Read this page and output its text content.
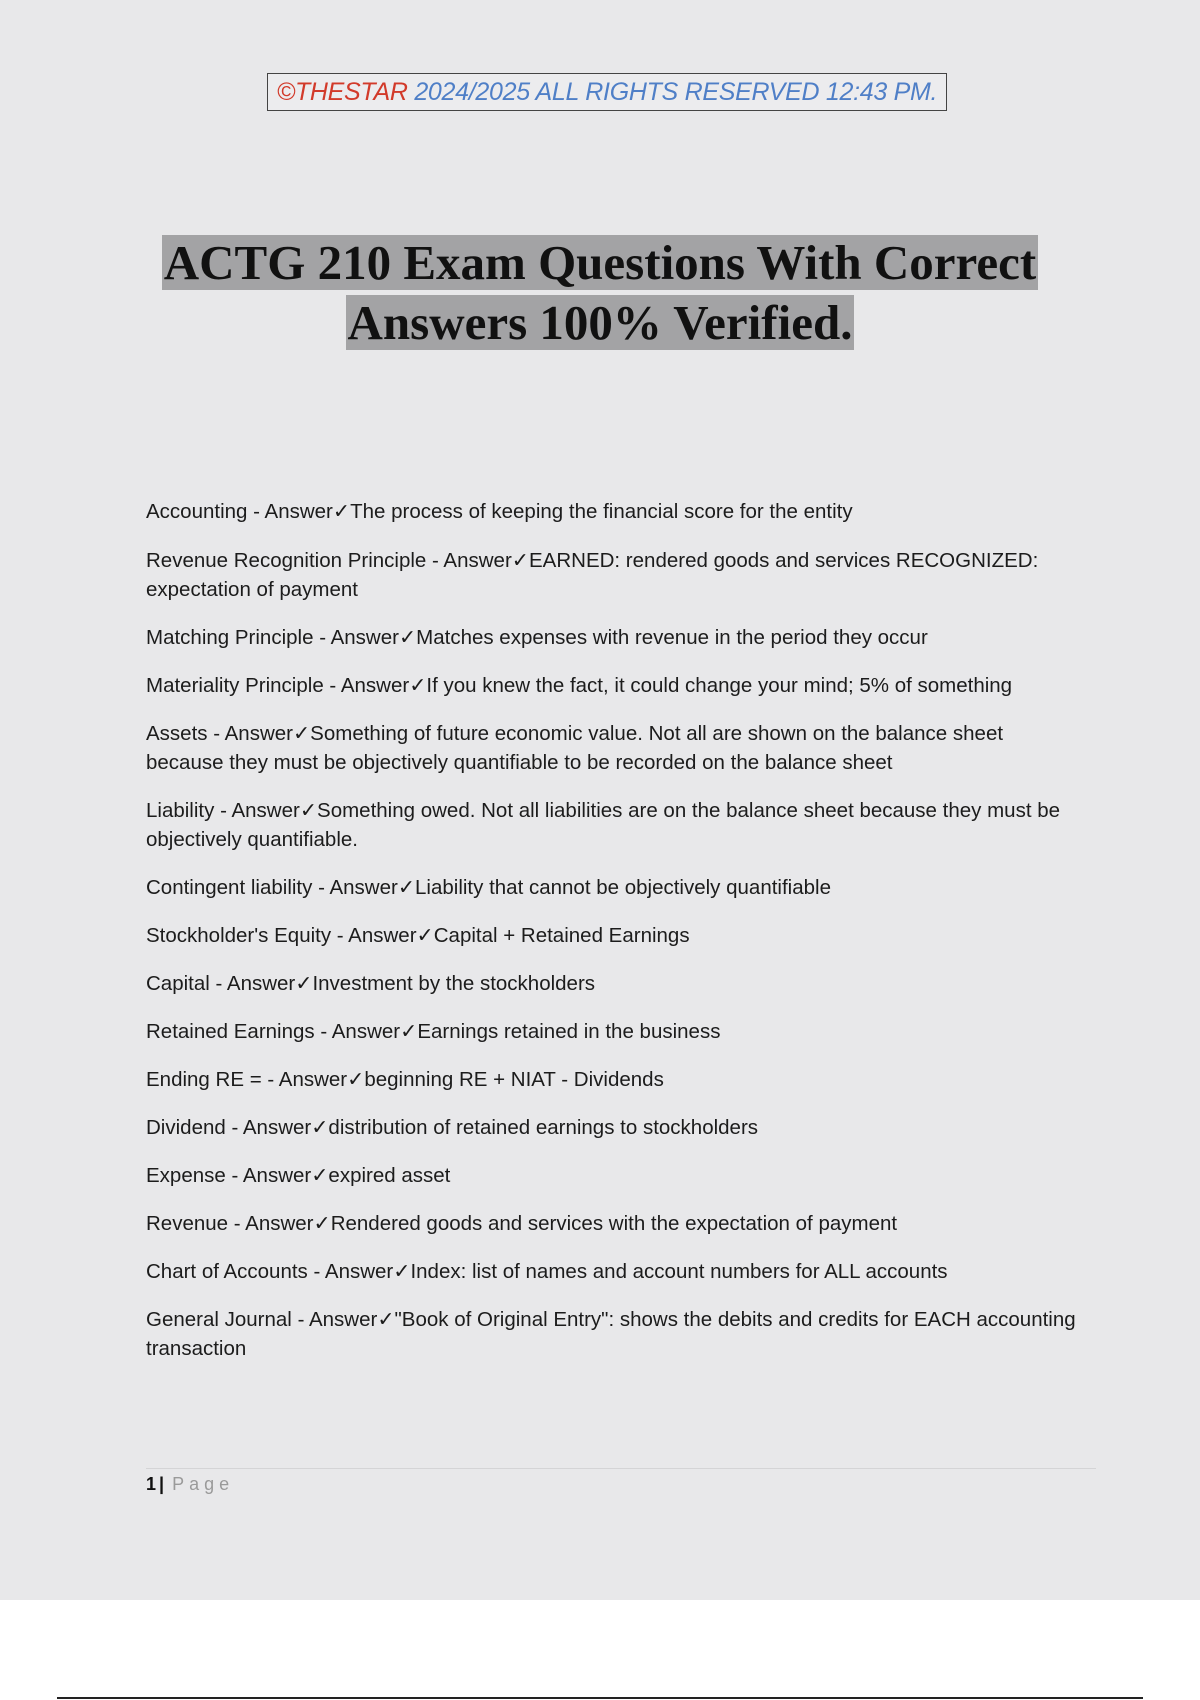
©THESTAR 2024/2025 ALL RIGHTS RESERVED 12:43 PM.
ACTG 210 Exam Questions With Correct
Answers 100% Verified.
Accounting - Answer✓The process of keeping the financial score for the entity
Revenue Recognition Principle - Answer✓EARNED: rendered goods and services RECOGNIZED: expectation of payment
Matching Principle - Answer✓Matches expenses with revenue in the period they occur
Materiality Principle - Answer✓If you knew the fact, it could change your mind; 5% of something
Assets - Answer✓Something of future economic value. Not all are shown on the balance sheet because they must be objectively quantifiable to be recorded on the balance sheet
Liability - Answer✓Something owed. Not all liabilities are on the balance sheet because they must be objectively quantifiable.
Contingent liability - Answer✓Liability that cannot be objectively quantifiable
Stockholder's Equity - Answer✓Capital + Retained Earnings
Capital - Answer✓Investment by the stockholders
Retained Earnings - Answer✓Earnings retained in the business
Ending RE = - Answer✓beginning RE + NIAT - Dividends
Dividend - Answer✓distribution of retained earnings to stockholders
Expense - Answer✓expired asset
Revenue - Answer✓Rendered goods and services with the expectation of payment
Chart of Accounts - Answer✓Index: list of names and account numbers for ALL accounts
General Journal - Answer✓"Book of Original Entry": shows the debits and credits for EACH accounting transaction
1 | Page
